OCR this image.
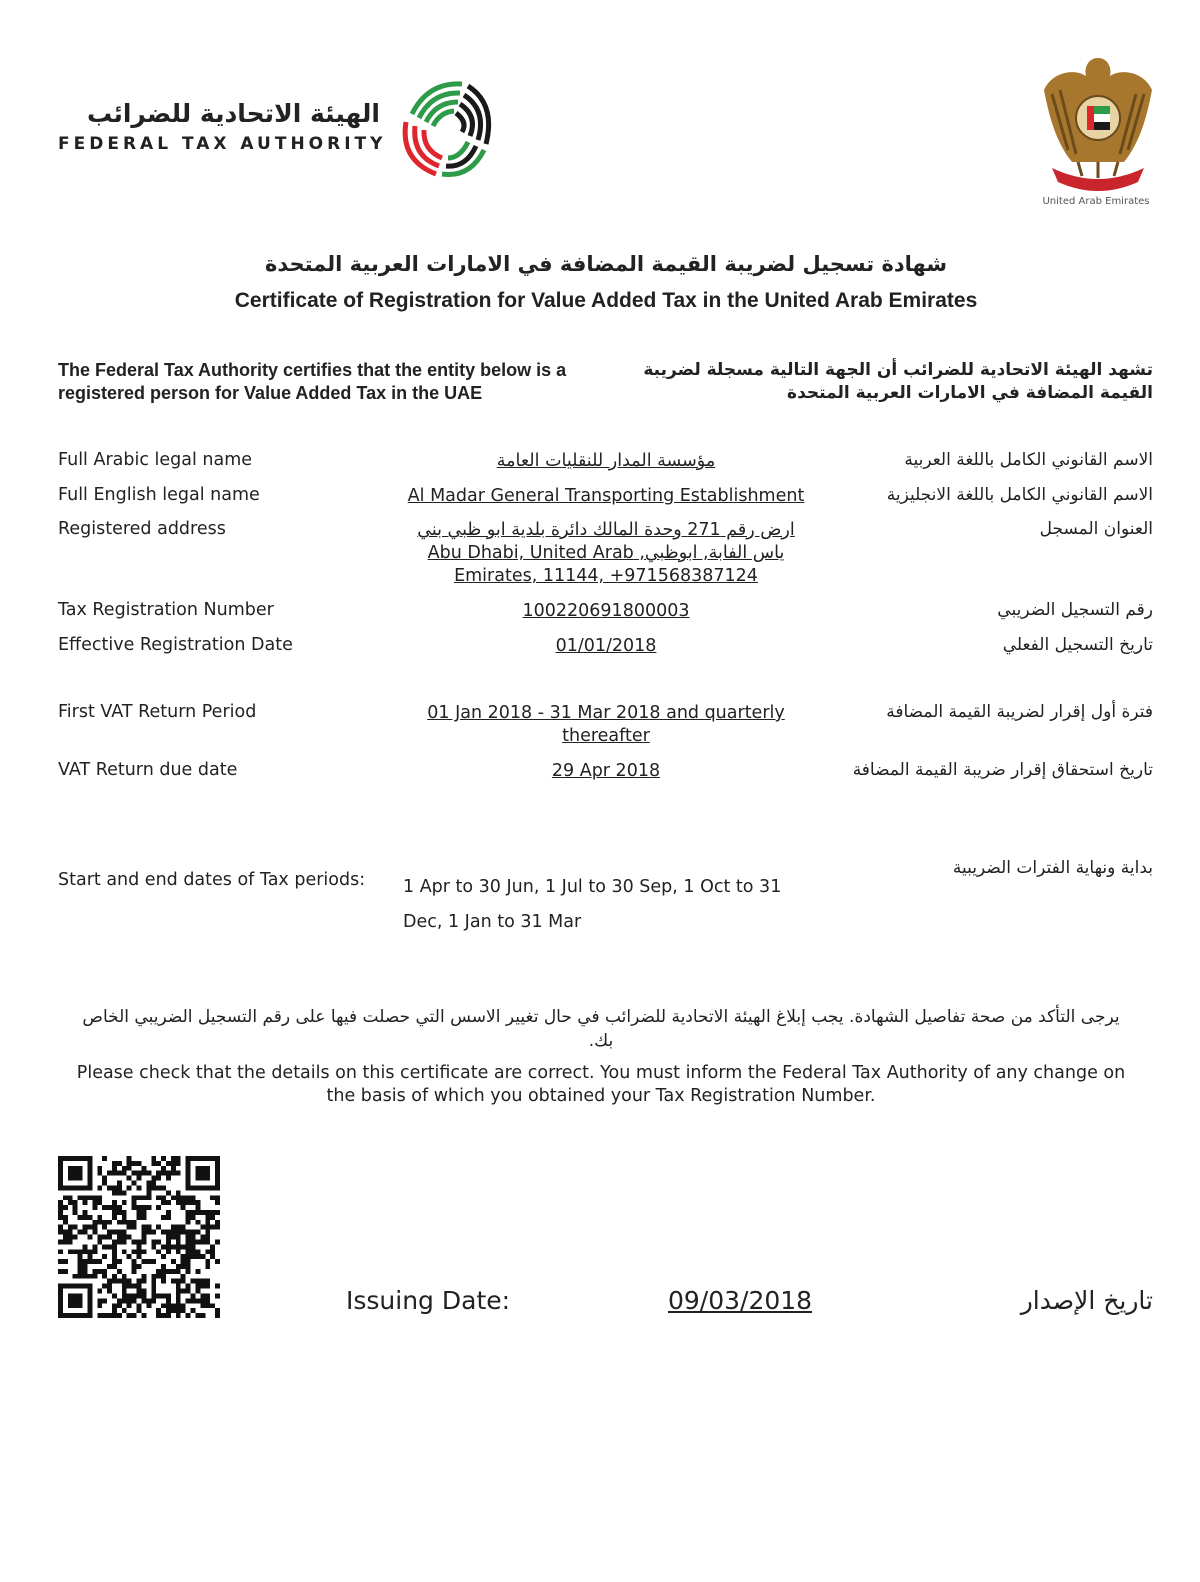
الهيئة الاتحادية للضرائب
FEDERAL TAX AUTHORITY
United Arab Emirates
شهادة تسجيل لضريبة القيمة المضافة في الامارات العربية المتحدة
Certificate of Registration for Value Added Tax in the United Arab Emirates
The Federal Tax Authority certifies that the entity below is a registered person for Value Added Tax in the UAE
تشهد الهيئة الاتحادية للضرائب أن الجهة التالية مسجلة لضريبة القيمة المضافة في الامارات العربية المتحدة
Full Arabic legal name	مؤسسة المدار للنقليات العامة	الاسم القانوني الكامل باللغة العربية
Full English legal name	Al Madar General Transporting Establishment	الاسم القانوني الكامل باللغة الانجليزية
Registered address	ارض رقم 271 وحدة المالك دائرة بلدية ابو ظبي بني
ياس الفابة, ابوظبي, Abu Dhabi, United Arab
Emirates, 11144, +971568387124
العنوان المسجل
Tax Registration Number	100220691800003	رقم التسجيل الضريبي
Effective Registration Date	01/01/2018	تاريخ التسجيل الفعلي
First VAT Return Period	01 Jan 2018 - 31 Mar 2018 and quarterly
thereafter
فترة أول إقرار لضريبة القيمة المضافة
VAT Return due date	29 Apr 2018	تاريخ استحقاق إقرار ضريبة القيمة المضافة
Start and end dates of Tax periods: 1 Apr to 30 Jun, 1 Jul to 30 Sep, 1 Oct to 31
Dec, 1 Jan to 31 Mar
بداية ونهاية الفترات الضريبية
يرجى التأكد من صحة تفاصيل الشهادة. يجب إبلاغ الهيئة الاتحادية للضرائب في حال تغيير الاسس التي حصلت فيها على رقم التسجيل الضريبي الخاص بك.
Please check that the details on this certificate are correct. You must inform the Federal Tax Authority of any change on the basis of which you obtained your Tax Registration Number.
Issuing Date:	09/03/2018	تاريخ الإصدار
